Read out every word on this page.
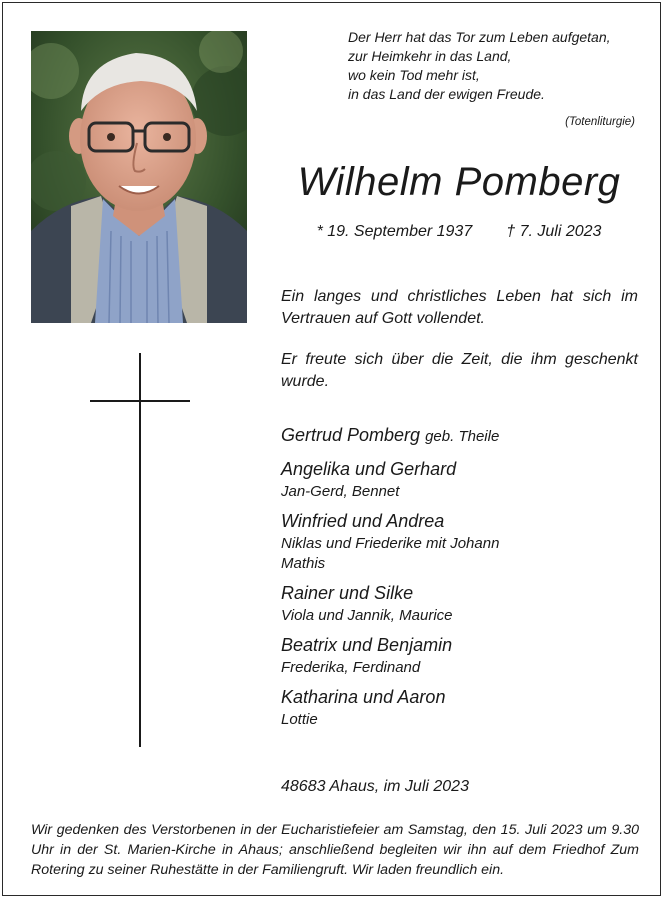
Der Herr hat das Tor zum Leben aufgetan,
zur Heimkehr in das Land,
wo kein Tod mehr ist,
in das Land der ewigen Freude.
(Totenliturgie)
Wilhelm Pomberg
* 19. September 1937 † 7. Juli 2023
Ein langes und christliches Leben hat sich im Vertrauen auf Gott vollendet.
Er freute sich über die Zeit, die ihm geschenkt wurde.
Gertrud Pomberg geb. Theile
Angelika und Gerhard
Jan-Gerd, Bennet
Winfried und Andrea
Niklas und Friederike mit Johann
Mathis
Rainer und Silke
Viola und Jannik, Maurice
Beatrix und Benjamin
Frederika, Ferdinand
Katharina und Aaron
Lottie
48683 Ahaus, im Juli 2023
Wir gedenken des Verstorbenen in der Eucharistiefeier am Samstag, den 15. Juli 2023 um 9.30 Uhr in der St. Marien-Kirche in Ahaus; anschließend begleiten wir ihn auf dem Friedhof Zum Rotering zu seiner Ruhestätte in der Familiengruft. Wir laden freundlich ein.
